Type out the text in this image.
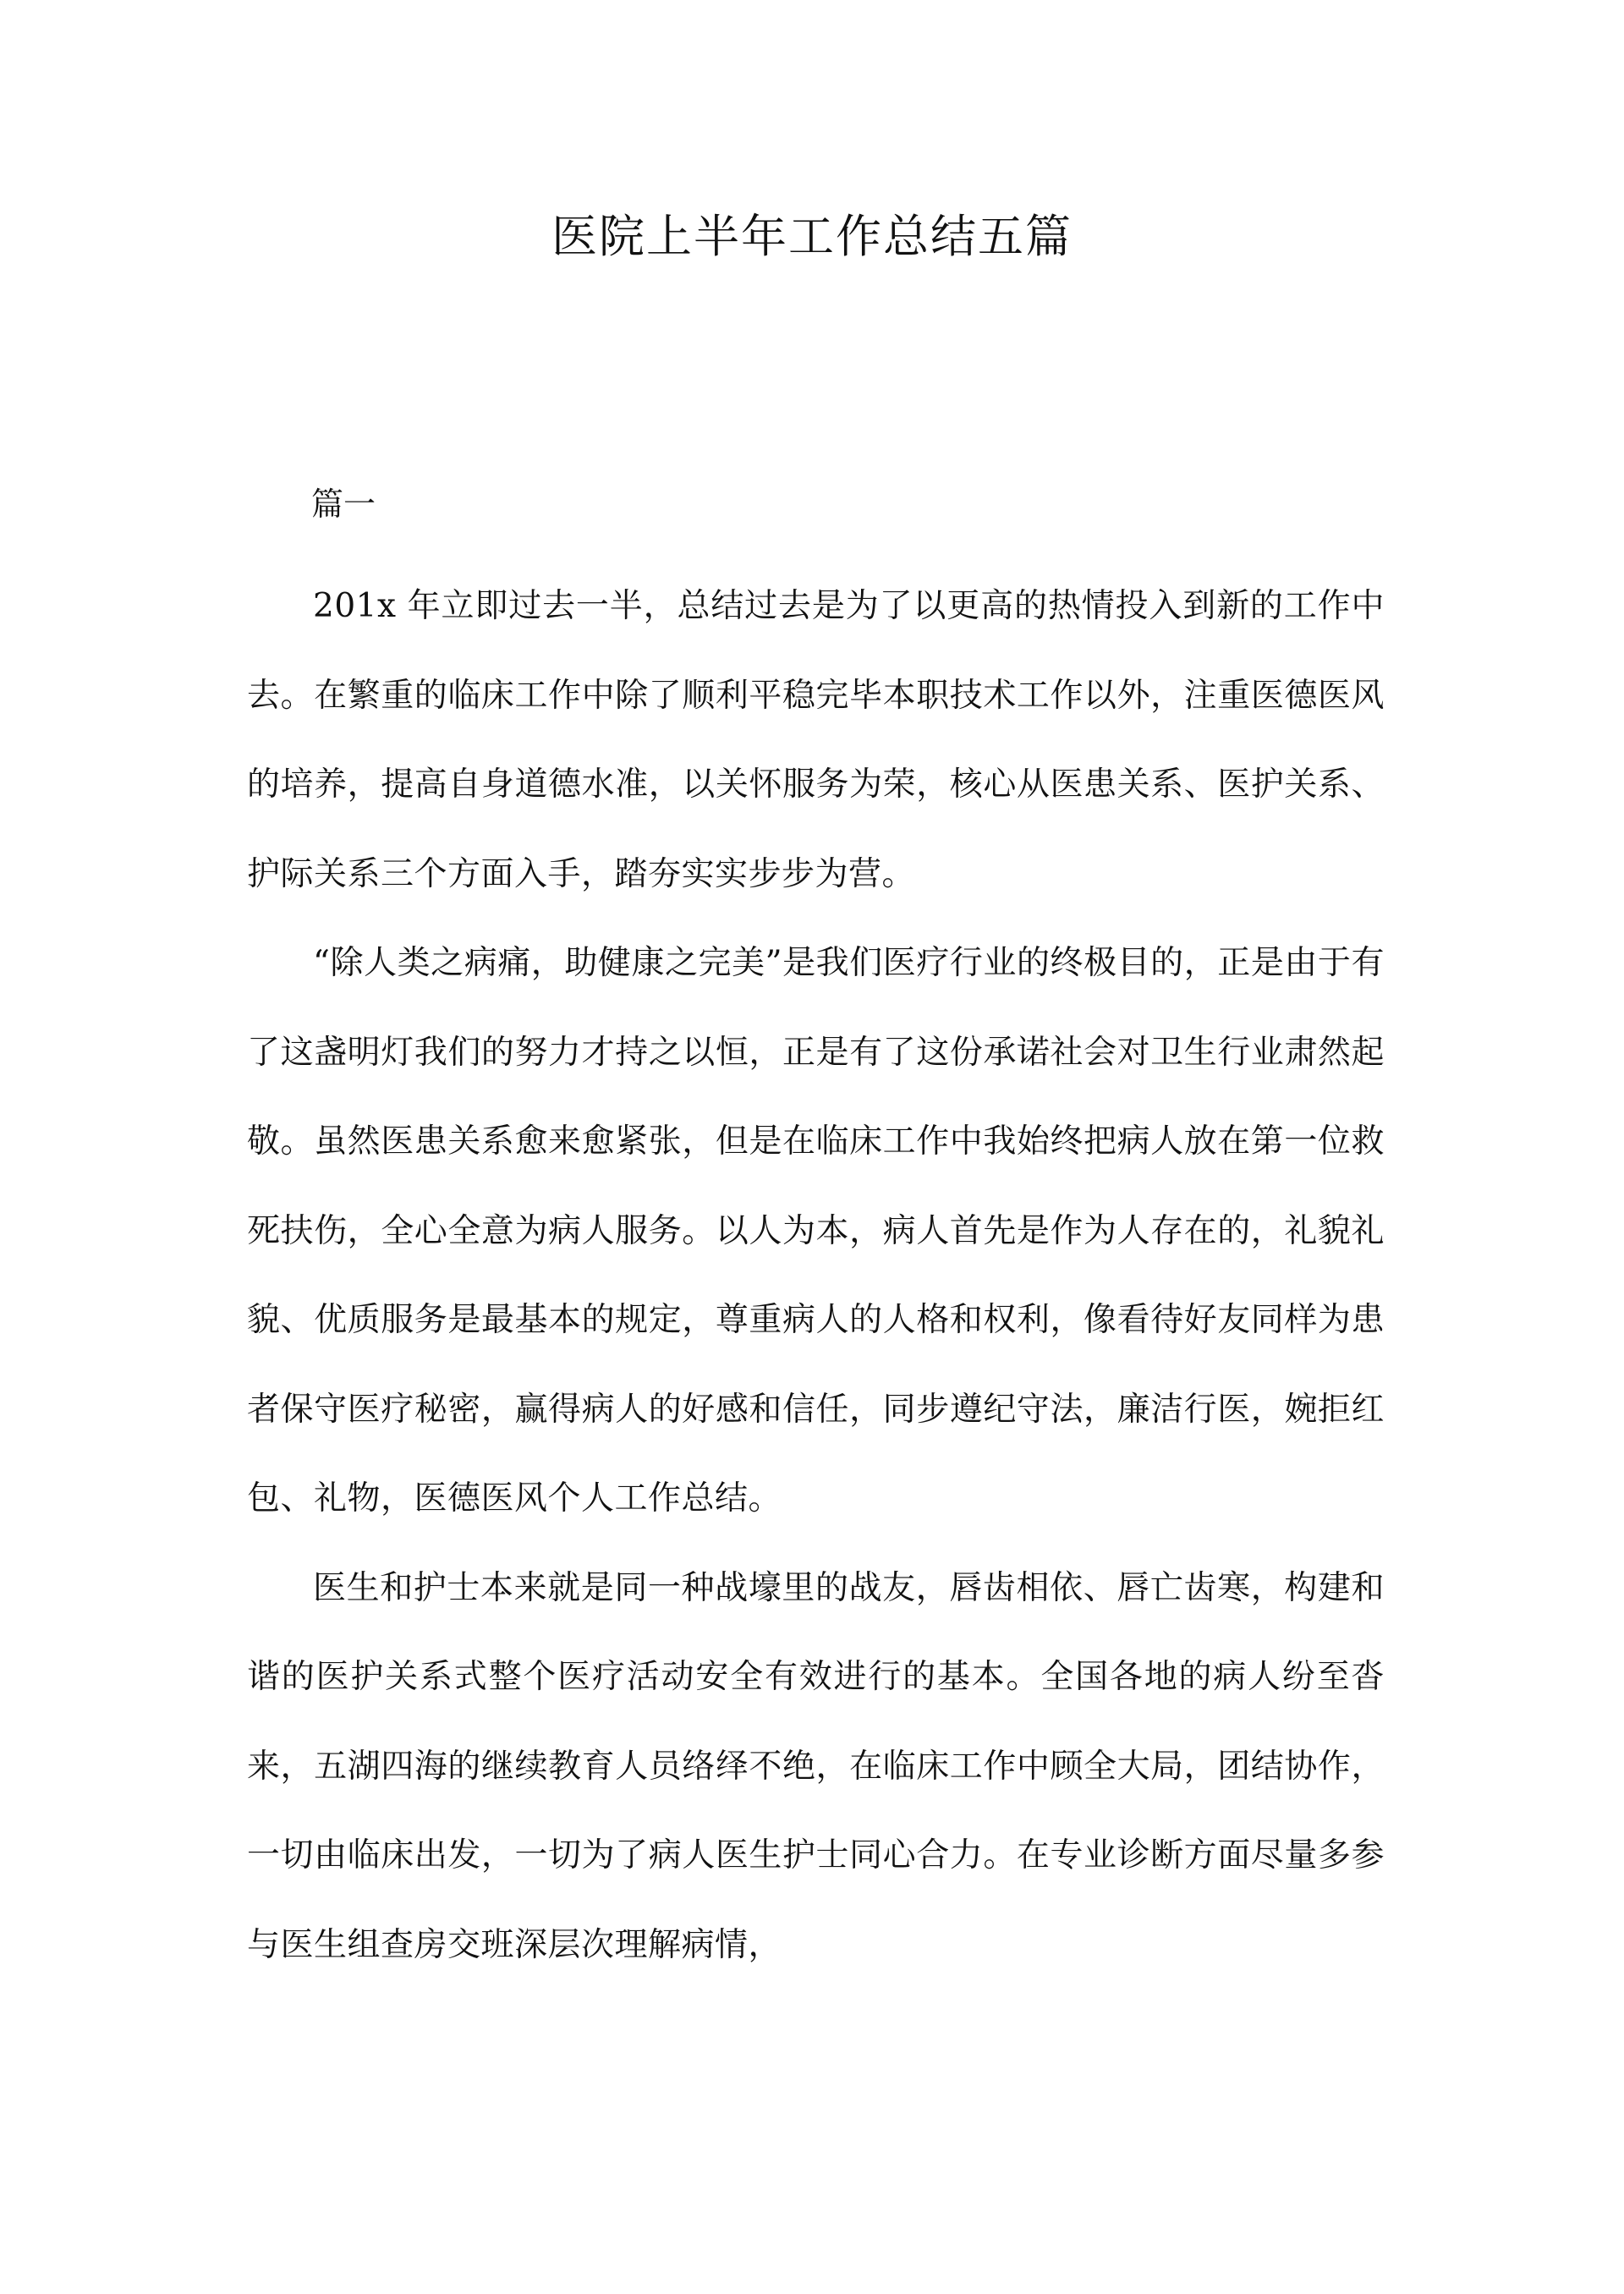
医院上半年工作总结五篇

篇一

201x 年立即过去一半，总结过去是为了以更高的热情投入到新的工作中去。在繁重的临床工作中除了顺利平稳完毕本职技术工作以外，注重医德医风的培养，提高自身道德水准，以关怀服务为荣，核心从医患关系、医护关系、护际关系三个方面入手，踏夯实实步步为营。

“除人类之病痛，助健康之完美”是我们医疗行业的终极目的，正是由于有了这盏明灯我们的努力才持之以恒，正是有了这份承诺社会对卫生行业肃然起敬。虽然医患关系愈来愈紧张，但是在临床工作中我始终把病人放在第一位救死扶伤，全心全意为病人服务。以人为本，病人首先是作为人存在的，礼貌礼貌、优质服务是最基本的规定，尊重病人的人格和权利，像看待好友同样为患者保守医疗秘密，赢得病人的好感和信任，同步遵纪守法，廉洁行医，婉拒红包、礼物，医德医风个人工作总结。

医生和护士本来就是同一种战壕里的战友，唇齿相依、唇亡齿寒，构建和谐的医护关系式整个医疗活动安全有效进行的基本。全国各地的病人纷至沓来，五湖四海的继续教育人员络绎不绝，在临床工作中顾全大局，团结协作，一切由临床出发，一切为了病人医生护士同心合力。在专业诊断方面尽量多参与医生组查房交班深层次理解病情，
